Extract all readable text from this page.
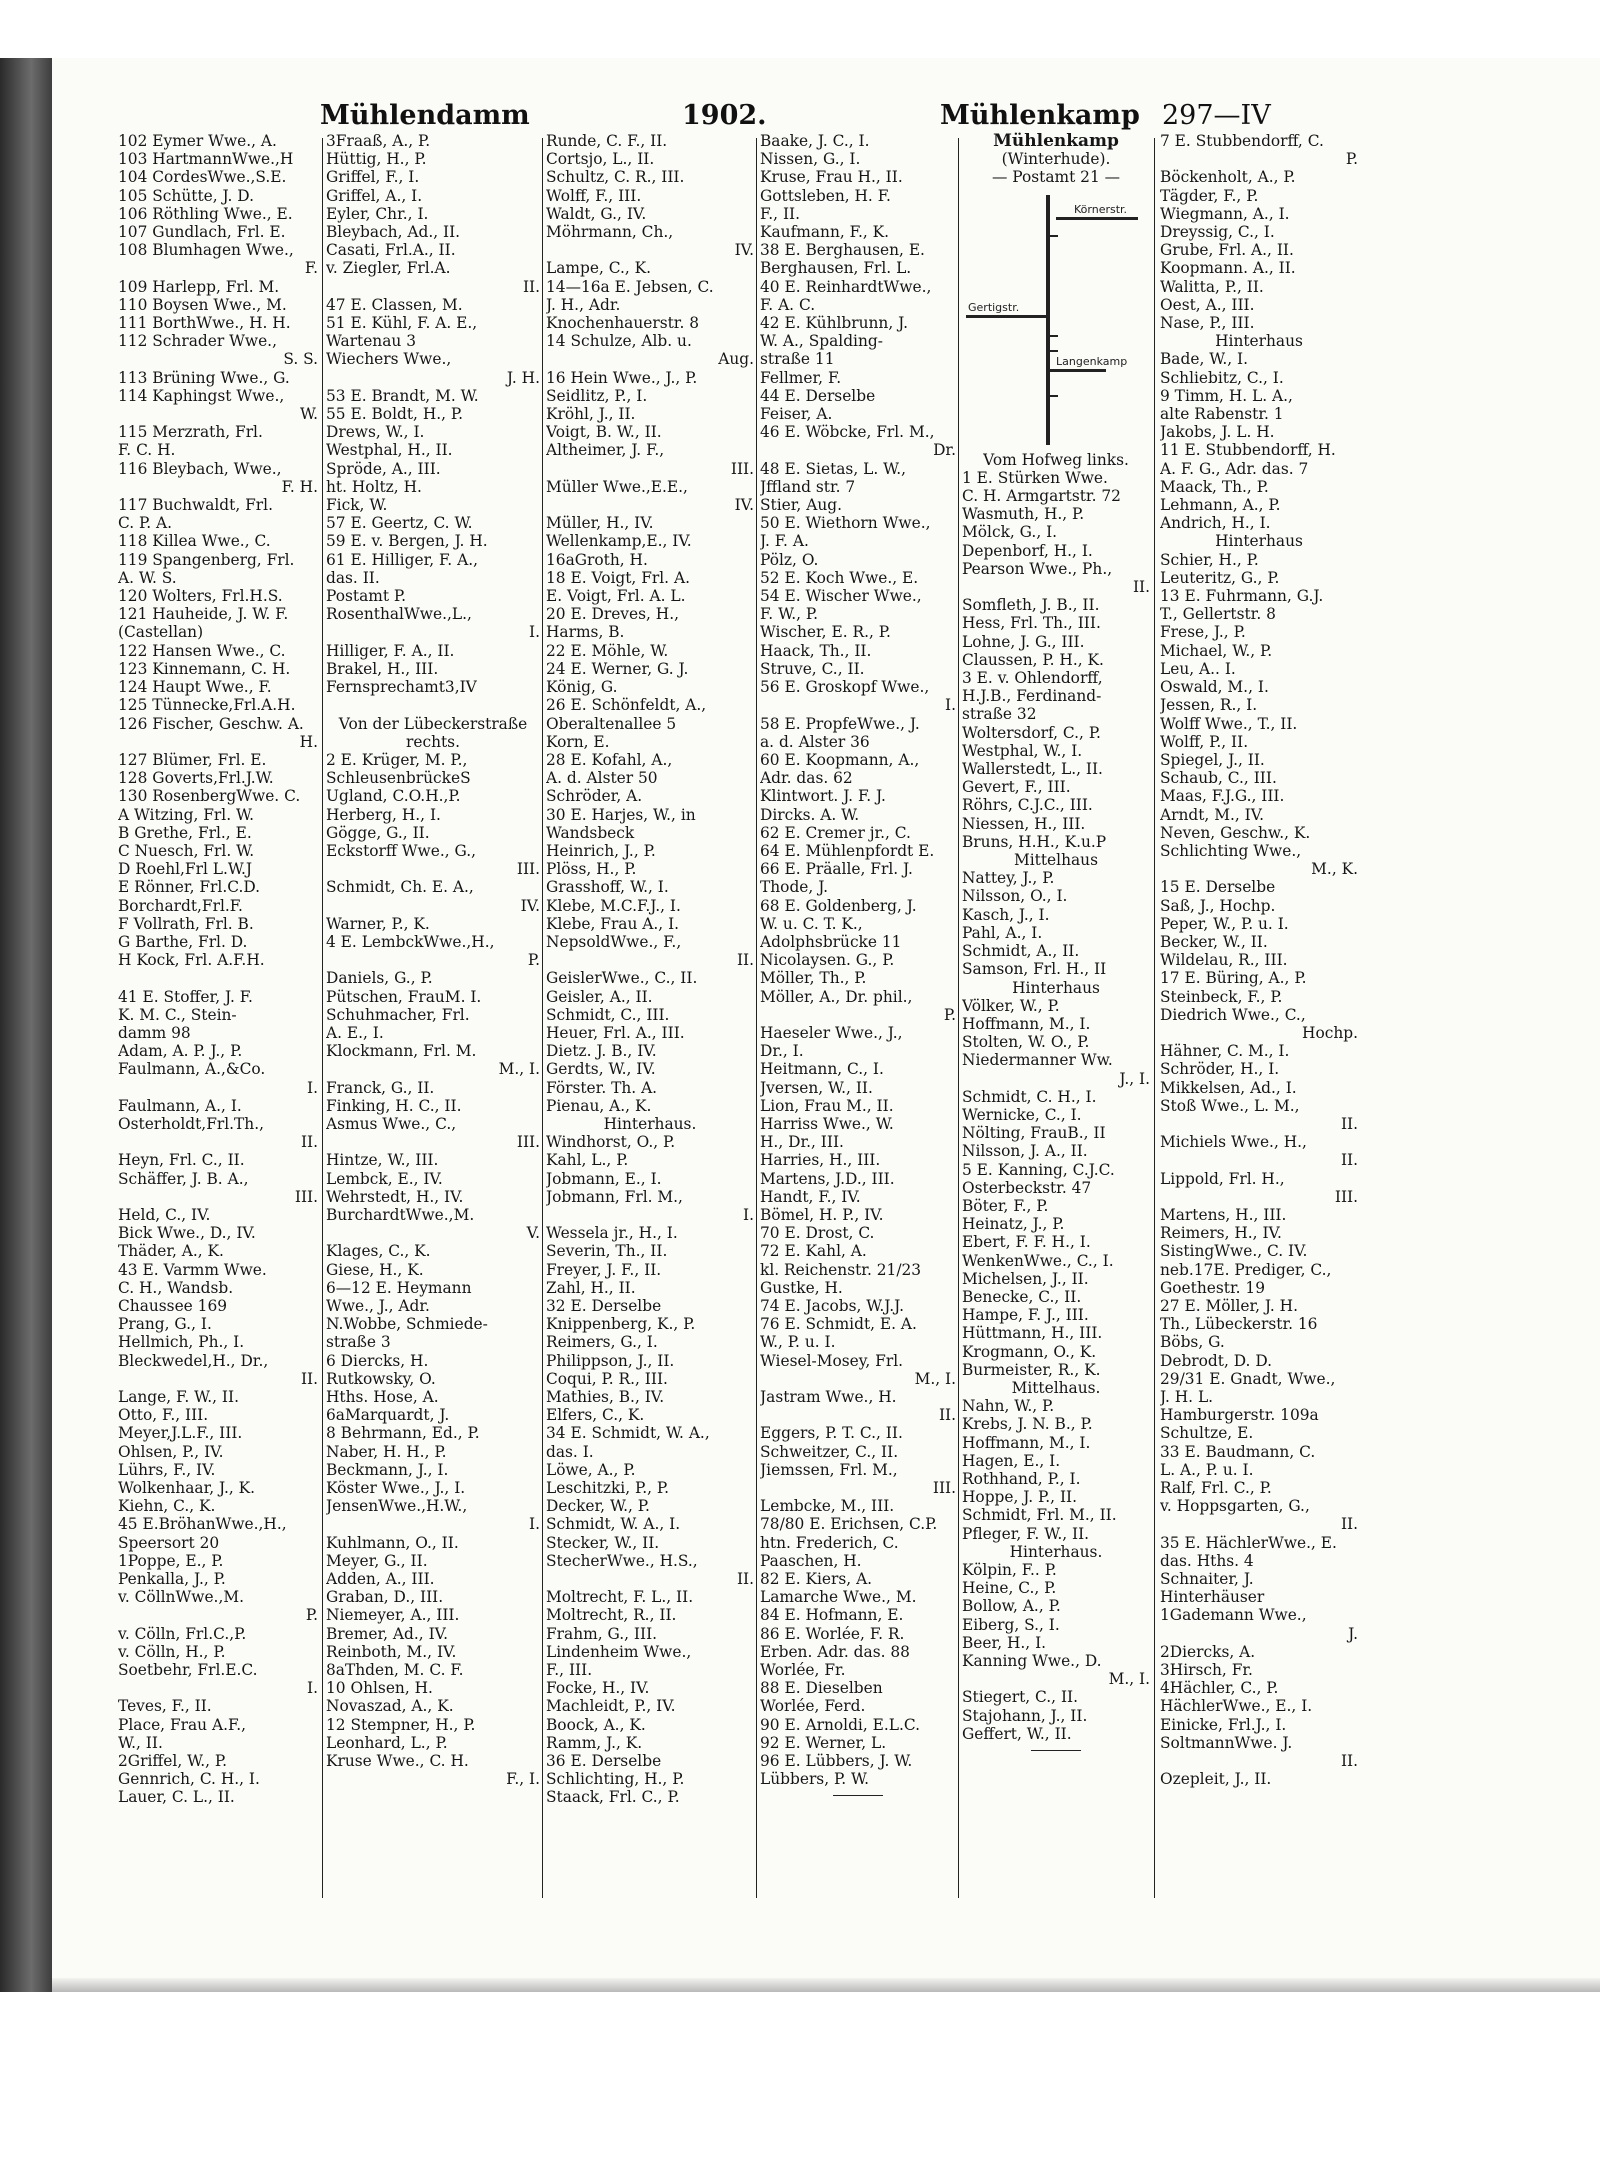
Mühlendamm	1902.	Mühlenkamp 297—IV
102 Eymer Wwe., A.
103 HartmannWwe.,H
104 CordesWwe.,S.E.
105 Schütte, J. D.
106 Röthling Wwe., E.
107 Gundlach, Frl. E.
108 Blumhagen Wwe.,
F.
109 Harlepp, Frl. M.
110 Boysen Wwe., M.
111 BorthWwe., H. H.
112 Schrader Wwe.,
S. S.
113 Brüning Wwe., G.
114 Kaphingst Wwe.,
W.
115 Merzrath, Frl.
F. C. H.
116 Bleybach, Wwe.,
F. H.
117 Buchwaldt, Frl.
C. P. A.
118 Killea Wwe., C.
119 Spangenberg, Frl.
A. W. S.
120 Wolters, Frl.H.S.
121 Hauheide, J. W. F.
(Castellan)
122 Hansen Wwe., C.
123 Kinnemann, C. H.
124 Haupt Wwe., F.
125 Tünnecke,Frl.A.H.
126 Fischer, Geschw. A.
H.
127 Blümer, Frl. E.
128 Goverts,Frl.J.W.
130 RosenbergWwe. C.
A Witzing, Frl. W.
B Grethe, Frl., E.
C Nuesch, Frl. W.
D Roehl,Frl L.W.J
E Rönner, Frl.C.D.
Borchardt,Frl.F.
F Vollrath, Frl. B.
G Barthe, Frl. D.
H Kock, Frl. A.F.H.

41 E. Stoffer, J. F.
K. M. C., Stein-
damm 98
Adam, A. P. J., P.
Faulmann, A.,&Co.
I.
Faulmann, A., I.
Osterholdt,Frl.Th.,
II.
Heyn, Frl. C., II.
Schäffer, J. B. A.,
III.
Held, C., IV.
Bick Wwe., D., IV.
Thäder, A., K.
43 E. Varmm Wwe.
C. H., Wandsb.
Chaussee 169
Prang, G., I.
Hellmich, Ph., I.
Bleckwedel,H., Dr.,
II.
Lange, F. W., II.
Otto, F., III.
Meyer,J.L.F., III.
Ohlsen, P., IV.
Lührs, F., IV.
Wolkenhaar, J., K.
Kiehn, C., K.
45 E.BröhanWwe.,H.,
Speersort 20
1Poppe, E., P.
Penkalla, J., P.
v. CöllnWwe.,M.
P.
v. Cölln, Frl.C.,P.
v. Cölln, H., P.
Soetbehr, Frl.E.C.
I.
Teves, F., II.
Place, Frau A.F.,
W., II.
2Griffel, W., P.
Gennrich, C. H., I.
Lauer, C. L., II.
3Fraaß, A., P.
Hüttig, H., P.
Griffel, F., I.
Griffel, A., I.
Eyler, Chr., I.
Bleybach, Ad., II.
Casati, Frl.A., II.
v. Ziegler, Frl.A.
II.
47 E. Classen, M.
51 E. Kühl, F. A. E.,
Wartenau 3
Wiechers Wwe.,
J. H.
53 E. Brandt, M. W.
55 E. Boldt, H., P.
Drews, W., I.
Westphal, H., II.
Spröde, A., III.
ht. Holtz, H.
Fick, W.
57 E. Geertz, C. W.
59 E. v. Bergen, J. H.
61 E. Hilliger, F. A.,
das. II.
Postamt P.
RosenthalWwe.,L.,
I.
Hilliger, F. A., II.
Brakel, H., III.
Fernsprechamt3,IV

Von der Lübeckerstraße
rechts.
2 E. Krüger, M. P.,
SchleusenbrückeS
Ugland, C.O.H.,P.
Herberg, H., I.
Gögge, G., II.
Eckstorff Wwe., G.,
III.
Schmidt, Ch. E. A.,
IV.
Warner, P., K.
4 E. LembckWwe.,H.,
P.
Daniels, G., P.
Pütschen, FrauM. I.
Schuhmacher, Frl.
A. E., I.
Klockmann, Frl. M.
M., I.
Franck, G., II.
Finking, H. C., II.
Asmus Wwe., C.,
III.
Hintze, W., III.
Lembck, E., IV.
Wehrstedt, H., IV.
BurchardtWwe.,M.
V.
Klages, C., K.
Giese, H., K.
6—12 E. Heymann
Wwe., J., Adr.
N.Wobbe, Schmiede-
straße 3
6 Diercks, H.
Rutkowsky, O.
Hths. Hose, A.
6aMarquardt, J.
8 Behrmann, Ed., P.
Naber, H. H., P.
Beckmann, J., I.
Köster Wwe., J., I.
JensenWwe.,H.W.,
I.
Kuhlmann, O., II.
Meyer, G., II.
Adden, A., III.
Graban, D., III.
Niemeyer, A., III.
Bremer, Ad., IV.
Reinboth, M., IV.
8aThden, M. C. F.
10 Ohlsen, H.
Novaszad, A., K.
12 Stempner, H., P.
Leonhard, L., P.
Kruse Wwe., C. H.
F., I.
Runde, C. F., II.
Cortsjo, L., II.
Schultz, C. R., III.
Wolff, F., III.
Waldt, G., IV.
Möhrmann, Ch.,
IV.
Lampe, C., K.
14—16a E. Jebsen, C.
J. H., Adr.
Knochenhauerstr. 8
14 Schulze, Alb. u.
Aug.
16 Hein Wwe., J., P.
Seidlitz, P., I.
Kröhl, J., II.
Voigt, B. W., II.
Altheimer, J. F.,
III.
Müller Wwe.,E.E.,
IV.
Müller, H., IV.
Wellenkamp,E., IV.
16aGroth, H.
18 E. Voigt, Frl. A.
E. Voigt, Frl. A. L.
20 E. Dreves, H.,
Harms, B.
22 E. Möhle, W.
24 E. Werner, G. J.
König, G.
26 E. Schönfeldt, A.,
Oberaltenallee 5
Korn, E.
28 E. Kofahl, A.,
A. d. Alster 50
Schröder, A.
30 E. Harjes, W., in
Wandsbeck
Heinrich, J., P.
Plöss, H., P.
Grasshoff, W., I.
Klebe, M.C.F.J., I.
Klebe, Frau A., I.
NepsoldWwe., F.,
II.
GeislerWwe., C., II.
Geisler, A., II.
Schmidt, C., III.
Heuer, Frl. A., III.
Dietz. J. B., IV.
Gerdts, W., IV.
Förster. Th. A.
Pienau, A., K.
Hinterhaus.
Windhorst, O., P.
Kahl, L., P.
Jobmann, E., I.
Jobmann, Frl. M.,
I.
Wessela jr., H., I.
Severin, Th., II.
Freyer, J. F., II.
Zahl, H., II.
32 E. Derselbe
Knippenberg, K., P.
Reimers, G., I.
Philippson, J., II.
Coqui, P. R., III.
Mathies, B., IV.
Elfers, C., K.
34 E. Schmidt, W. A.,
das. I.
Löwe, A., P.
Leschitzki, P., P.
Decker, W., P.
Schmidt, W. A., I.
Stecker, W., II.
StecherWwe., H.S.,
II.
Moltrecht, F. L., II.
Moltrecht, R., II.
Frahm, G., III.
Lindenheim Wwe.,
F., III.
Focke, H., IV.
Machleidt, P., IV.
Boock, A., K.
Ramm, J., K.
36 E. Derselbe
Schlichting, H., P.
Staack, Frl. C., P.
Baake, J. C., I.
Nissen, G., I.
Kruse, Frau H., II.
Gottsleben, H. F.
F., II.
Kaufmann, F., K.
38 E. Berghausen, E.
Berghausen, Frl. L.
40 E. ReinhardtWwe.,
F. A. C.
42 E. Kühlbrunn, J.
W. A., Spalding-
straße 11
Fellmer, F.
44 E. Derselbe
Feiser, A.
46 E. Wöbcke, Frl. M.,
Dr.
48 E. Sietas, L. W.,
Jffland str. 7
Stier, Aug.
50 E. Wiethorn Wwe.,
J. F. A.
Pölz, O.
52 E. Koch Wwe., E.
54 E. Wischer Wwe.,
F. W., P.
Wischer, E. R., P.
Haack, Th., II.
Struve, C., II.
56 E. Groskopf Wwe.,
I.
58 E. PropfeWwe., J.
a. d. Alster 36
60 E. Koopmann, A.,
Adr. das. 62
Klintwort. J. F. J.
Dircks. A. W.
62 E. Cremer jr., C.
64 E. Mühlenpfordt E.
66 E. Präalle, Frl. J.
Thode, J.
68 E. Goldenberg, J.
W. u. C. T. K.,
Adolphsbrücke 11
Nicolaysen. G., P.
Möller, Th., P.
Möller, A., Dr. phil.,
P.
Haeseler Wwe., J.,
Dr., I.
Heitmann, C., I.
Jversen, W., II.
Lion, Frau M., II.
Harriss Wwe., W.
H., Dr., III.
Harries, H., III.
Martens, J.D., III.
Handt, F., IV.
Bömel, H. P., IV.
70 E. Drost, C.
72 E. Kahl, A.
kl. Reichenstr. 21/23
Gustke, H.
74 E. Jacobs, W.J.J.
76 E. Schmidt, E. A.
W., P. u. I.
Wiesel-Mosey, Frl.
M., I.
Jastram Wwe., H.
II.
Eggers, P. T. C., II.
Schweitzer, C., II.
Jiemssen, Frl. M.,
III.
Lembcke, M., III.
78/80 E. Erichsen, C.P.
htn. Frederich, C.
Paaschen, H.
82 E. Kiers, A.
Lamarche Wwe., M.
84 E. Hofmann, E.
86 E. Worlée, F. R.
Erben. Adr. das. 88
Worlée, Fr.
88 E. Dieselben
Worlée, Ferd.
90 E. Arnoldi, E.L.C.
92 E. Werner, L.
96 E. Lübbers, J. W.
Lübbers, P. W.
Mühlenkamp
(Winterhude).
— Postamt 21 —
Körnerstr.
Gertigstr.
Langenkamp
Vom Hofweg links.
1 E. Stürken Wwe.
C. H. Armgartstr. 72
Wasmuth, H., P.
Mölck, G., I.
Depenborf, H., I.
Pearson Wwe., Ph.,
II.
Somfleth, J. B., II.
Hess, Frl. Th., III.
Lohne, J. G., III.
Claussen, P. H., K.
3 E. v. Ohlendorff,
H.J.B., Ferdinand-
straße 32
Woltersdorf, C., P.
Westphal, W., I.
Wallerstedt, L., II.
Gevert, F., III.
Röhrs, C.J.C., III.
Niessen, H., III.
Bruns, H.H., K.u.P
Mittelhaus
Nattey, J., P.
Nilsson, O., I.
Kasch, J., I.
Pahl, A., I.
Schmidt, A., II.
Samson, Frl. H., II
Hinterhaus
Völker, W., P.
Hoffmann, M., I.
Stolten, W. O., P.
Niedermanner Ww.
J., I.
Schmidt, C. H., I.
Wernicke, C., I.
Nölting, FrauB., II
Nilsson, J. A., II.
5 E. Kanning, C.J.C.
Osterbeckstr. 47
Böter, F., P.
Heinatz, J., P.
Ebert, F. F. H., I.
WenkenWwe., C., I.
Michelsen, J., II.
Benecke, C., II.
Hampe, F. J., III.
Hüttmann, H., III.
Krogmann, O., K.
Burmeister, R., K.
Mittelhaus.
Nahn, W., P.
Krebs, J. N. B., P.
Hoffmann, M., I.
Hagen, E., I.
Rothhand, P., I.
Hoppe, J. P., II.
Schmidt, Frl. M., II.
Pfleger, F. W., II.
Hinterhaus.
Kölpin, F.. P.
Heine, C., P.
Bollow, A., P.
Eiberg, S., I.
Beer, H., I.
Kanning Wwe., D.
M., I.
Stiegert, C., II.
Stajohann, J., II.
Geffert, W., II.
7 E. Stubbendorff, C.
P.
Böckenholt, A., P.
Tägder, F., P.
Wiegmann, A., I.
Dreyssig, C., I.
Grube, Frl. A., II.
Koopmann. A., II.
Walitta, P., II.
Oest, A., III.
Nase, P., III.
Hinterhaus
Bade, W., I.
Schliebitz, C., I.
9 Timm, H. L. A.,
alte Rabenstr. 1
Jakobs, J. L. H.
11 E. Stubbendorff, H.
A. F. G., Adr. das. 7
Maack, Th., P.
Lehmann, A., P.
Andrich, H., I.
Hinterhaus
Schier, H., P.
Leuteritz, G., P.
13 E. Fuhrmann, G.J.
T., Gellertstr. 8
Frese, J., P.
Michael, W., P.
Leu, A.. I.
Oswald, M., I.
Jessen, R., I.
Wolff Wwe., T., II.
Wolff, P., II.
Spiegel, J., II.
Schaub, C., III.
Maas, F.J.G., III.
Arndt, M., IV.
Neven, Geschw., K.
Schlichting Wwe.,
M., K.
15 E. Derselbe
Saß, J., Hochp.
Peper, W., P. u. I.
Becker, W., II.
Wildelau, R., III.
17 E. Büring, A., P.
Steinbeck, F., P.
Diedrich Wwe., C.,
Hochp.
Hähner, C. M., I.
Schröder, H., I.
Mikkelsen, Ad., I.
Stoß Wwe., L. M.,
II.
Michiels Wwe., H.,
II.
Lippold, Frl. H.,
III.
Martens, H., III.
Reimers, H., IV.
SistingWwe., C. IV.
neb.17E. Prediger, C.,
Goethestr. 19
27 E. Möller, J. H.
Th., Lübeckerstr. 16
Böbs, G.
Debrodt, D. D.
29/31 E. Gnadt, Wwe.,
J. H. L.
Hamburgerstr. 109a
Schultze, E.
33 E. Baudmann, C.
L. A., P. u. I.
Ralf, Frl. C., P.
v. Hoppsgarten, G.,
II.
35 E. HächlerWwe., E.
das. Hths. 4
Schnaiter, J.
Hinterhäuser
1Gademann Wwe.,
J.
2Diercks, A.
3Hirsch, Fr.
4Hächler, C., P.
HächlerWwe., E., I.
Einicke, Frl.J., I.
SoltmannWwe. J.
II.
Ozepleit, J., II.
